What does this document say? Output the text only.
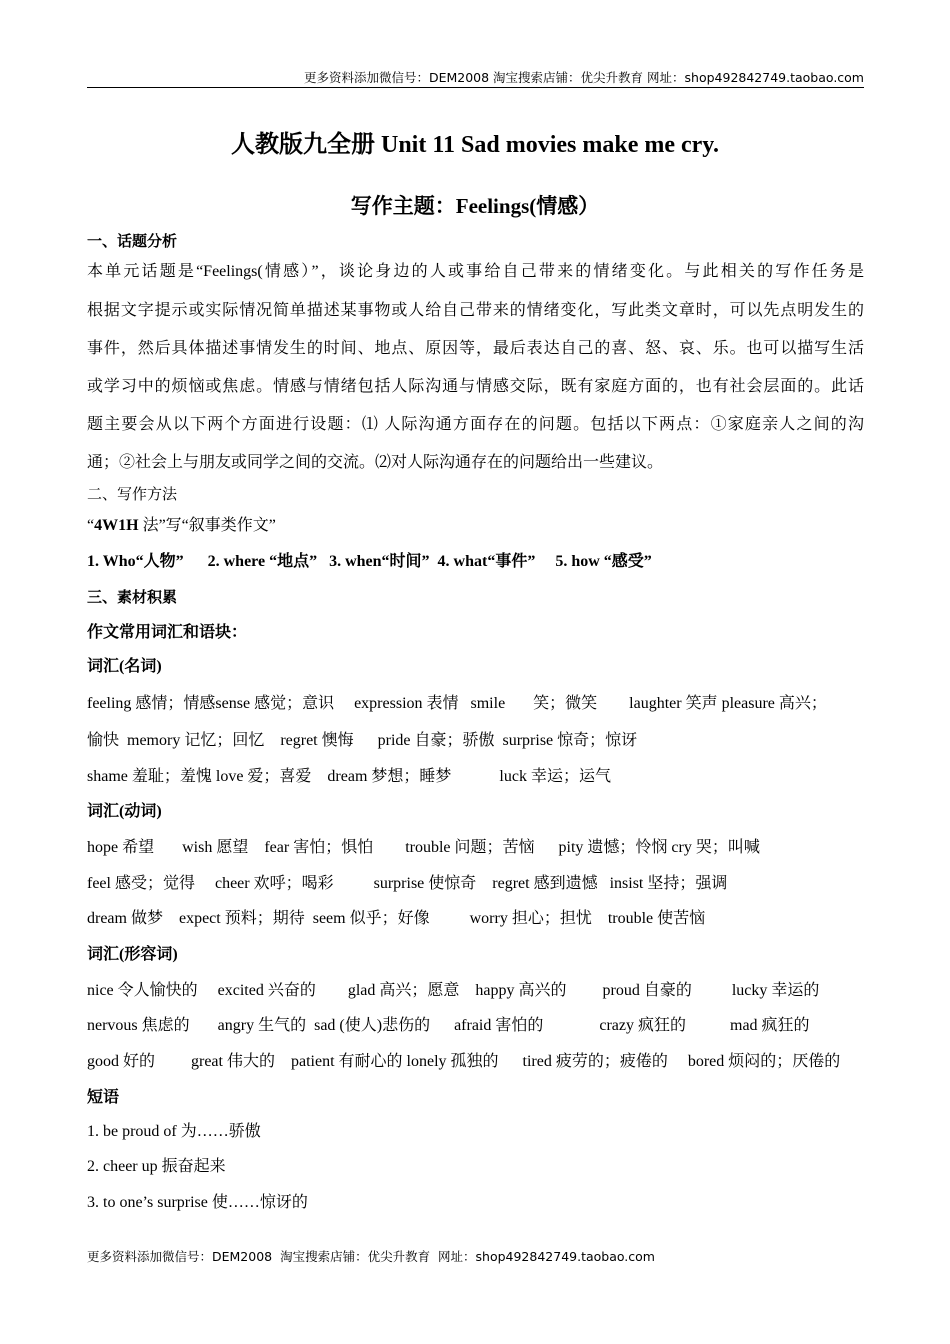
更多资料添加微信号：DEM2008 淘宝搜索店铺：优尖升教育 网址：shop492842749.taobao.com
人教版九全册 Unit 11 Sad movies make me cry.
写作主题：Feelings(情感）
一、话题分析
本单元话题是“Feelings(情感）”，谈论身边的人或事给自己带来的情绪变化。与此相关的写作任务是
根据文字提示或实际情况简单描述某事物或人给自己带来的情绪变化，写此类文章时，可以先点明发生的
事件，然后具体描述事情发生的时间、地点、原因等，最后表达自己的喜、怒、哀、乐。也可以描写生活
或学习中的烦恼或焦虑。情感与情绪包括人际沟通与情感交际，既有家庭方面的，也有社会层面的。此话
题主要会从以下两个方面进行设题：⑴ 人际沟通方面存在的问题。包括以下两点：①家庭亲人之间的沟
通；②社会上与朋友或同学之间的交流。⑵对人际沟通存在的问题给出一些建议。
二、写作方法
“4W1H 法”写“叙事类作文”
1. Who“人物”      2. where “地点”   3. when“时间”  4. what“事件”     5. how “感受”
三、素材积累
作文常用词汇和语块：
词汇(名词)
feeling 感情；情感sense 感觉；意识     expression 表情   smile       笑；微笑        laughter 笑声 pleasure 高兴；
愉快  memory 记忆；回忆    regret 懊悔      pride 自豪；骄傲  surprise 惊奇；惊讶
shame 羞耻；羞愧 love 爱；喜爱    dream 梦想；睡梦            luck 幸运；运气
词汇(动词)
hope 希望       wish 愿望    fear 害怕；惧怕        trouble 问题；苦恼      pity 遗憾；怜悯 cry 哭；叫喊
feel 感受；觉得     cheer 欢呼；喝彩          surprise 使惊奇    regret 感到遗憾   insist 坚持；强调
dream 做梦    expect 预料；期待  seem 似乎；好像          worry 担心；担忧    trouble 使苦恼
词汇(形容词)
nice 令人愉快的     excited 兴奋的        glad 高兴；愿意    happy 高兴的         proud 自豪的          lucky 幸运的
nervous 焦虑的       angry 生气的  sad (使人)悲伤的      afraid 害怕的              crazy 疯狂的           mad 疯狂的
good 好的         great 伟大的    patient 有耐心的 lonely 孤独的      tired 疲劳的；疲倦的     bored 烦闷的；厌倦的
短语
1. be proud of 为……骄傲
2. cheer up 振奋起来
3. to one’s surprise 使……惊讶的
更多资料添加微信号：DEM2008  淘宝搜索店铺：优尖升教育  网址：shop492842749.taobao.com
